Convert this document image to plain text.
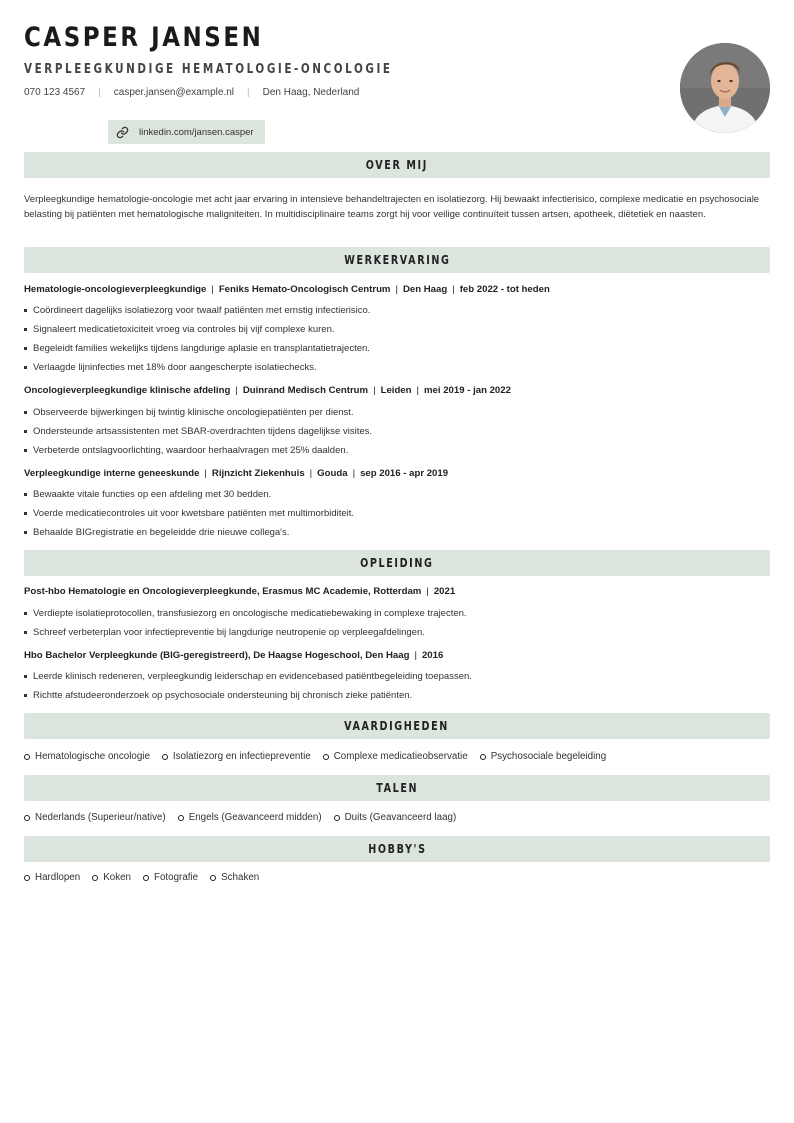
CASPER JANSEN
VERPLEEGKUNDIGE HEMATOLOGIE-ONCOLOGIE
070 123 4567 | casper.jansen@example.nl | Den Haag, Nederland
linkedin.com/jansen.casper
OVER MIJ
Verpleegkundige hematologie-oncologie met acht jaar ervaring in intensieve behandeltrajecten en isolatiezorg. Hij bewaakt infectierisico, complexe medicatie en psychosociale belasting bij patiënten met hematologische maligniteiten. In multidisciplinaire teams zorgt hij voor veilige continuïteit tussen artsen, apotheek, diëtetiek en naasten.
WERKERVARING
Hematologie-oncologieverpleegkundige | Feniks Hemato-Oncologisch Centrum | Den Haag | feb 2022 - tot heden
Coördineert dagelijks isolatiezorg voor twaalf patiënten met ernstig infectierisico.
Signaleert medicatietoxiciteit vroeg via controles bij vijf complexe kuren.
Begeleidt families wekelijks tijdens langdurige aplasie en transplantatietrajecten.
Verlaagde lijninfecties met 18% door aangescherpte isolatiechecks.
Oncologieverpleegkundige klinische afdeling | Duinrand Medisch Centrum | Leiden | mei 2019 - jan 2022
Observeerde bijwerkingen bij twintig klinische oncologiepatiënten per dienst.
Ondersteunde artsassistenten met SBAR-overdrachten tijdens dagelijkse visites.
Verbeterde ontslagvoorlichting, waardoor herhaalvragen met 25% daalden.
Verpleegkundige interne geneeskunde | Rijnzicht Ziekenhuis | Gouda | sep 2016 - apr 2019
Bewaakte vitale functies op een afdeling met 30 bedden.
Voerde medicatiecontroles uit voor kwetsbare patiënten met multimorbiditeit.
Behaalde BIGregistratie en begeleidde drie nieuwe collega's.
OPLEIDING
Post-hbo Hematologie en Oncologieverpleegkunde, Erasmus MC Academie, Rotterdam | 2021
Verdiepte isolatieprotocollen, transfusiezorg en oncologische medicatiebewaking in complexe trajecten.
Schreef verbeterplan voor infectiepreventie bij langdurige neutropenie op verpleegafdelingen.
Hbo Bachelor Verpleegkunde (BIG-geregistreerd), De Haagse Hogeschool, Den Haag | 2016
Leerde klinisch redeneren, verpleegkundig leiderschap en evidencebased patiëntbegeleiding toepassen.
Richtte afstudeeronderzoek op psychosociale ondersteuning bij chronisch zieke patiënten.
VAARDIGHEDEN
Hematologische oncologie Isolatiezorg en infectiepreventie Complexe medicatieobservatie Psychosociale begeleiding
TALEN
Nederlands (Superieur/native) Engels (Geavanceerd midden) Duits (Geavanceerd laag)
HOBBY'S
Hardlopen Koken Fotografie Schaken
